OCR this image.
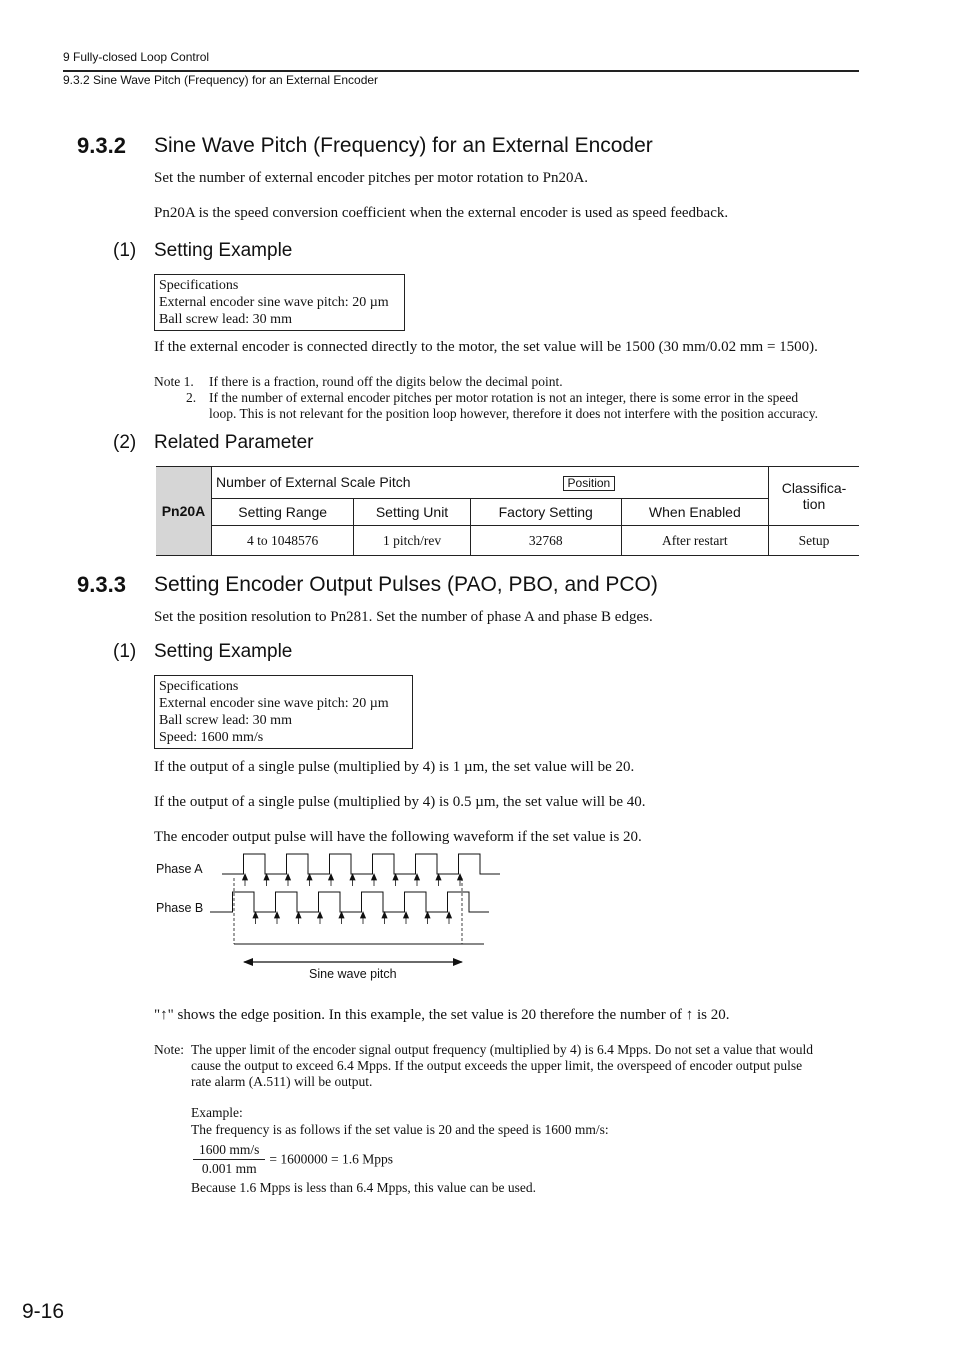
9 Fully-closed Loop Control
9.3.2 Sine Wave Pitch (Frequency) for an External Encoder
9.3.2 Sine Wave Pitch (Frequency) for an External Encoder
Set the number of external encoder pitches per motor rotation to Pn20A.
Pn20A is the speed conversion coefficient when the external encoder is used as speed feedback.
(1) Setting Example
Specifications
External encoder sine wave pitch: 20 µm
Ball screw lead: 30 mm
If the external encoder is connected directly to the motor, the set value will be 1500 (30 mm/0.02 mm = 1500).
Note 1. If there is a fraction, round off the digits below the decimal point.
2. If the number of external encoder pitches per motor rotation is not an integer, there is some error in the speed
loop. This is not relevant for the position loop however, therefore it does not interfere with the position accuracy.
(2) Related Parameter
Pn20A	Number of External Scale Pitch Position				Classifica-
tion
	Setting Range	Setting Unit	Factory Setting	When Enabled	
	4 to 1048576	1 pitch/rev	32768	After restart	Setup
9.3.3 Setting Encoder Output Pulses (PAO, PBO, and PCO)
Set the position resolution to Pn281. Set the number of phase A and phase B edges.
(1) Setting Example
Specifications
External encoder sine wave pitch: 20 µm
Ball screw lead: 30 mm
Speed: 1600 mm/s
If the output of a single pulse (multiplied by 4) is 1 µm, the set value will be 20.
If the output of a single pulse (multiplied by 4) is 0.5 µm, the set value will be 40.
The encoder output pulse will have the following waveform if the set value is 20.
Phase A
Phase B
Sine wave pitch
"↑" shows the edge position. In this example, the set value is 20 therefore the number of ↑ is 20.
Note: The upper limit of the encoder signal output frequency (multiplied by 4) is 6.4 Mpps. Do not set a value that would
cause the output to exceed 6.4 Mpps. If the output exceeds the upper limit, the overspeed of encoder output pulse
rate alarm (A.511) will be output.
Example:
The frequency is as follows if the set value is 20 and the speed is 1600 mm/s:
$\frac{1600 mm/s}{0.001 mm} = 1600000 = 1.6$ Mpps
Because 1.6 Mpps is less than 6.4 Mpps, this value can be used.
9-16
